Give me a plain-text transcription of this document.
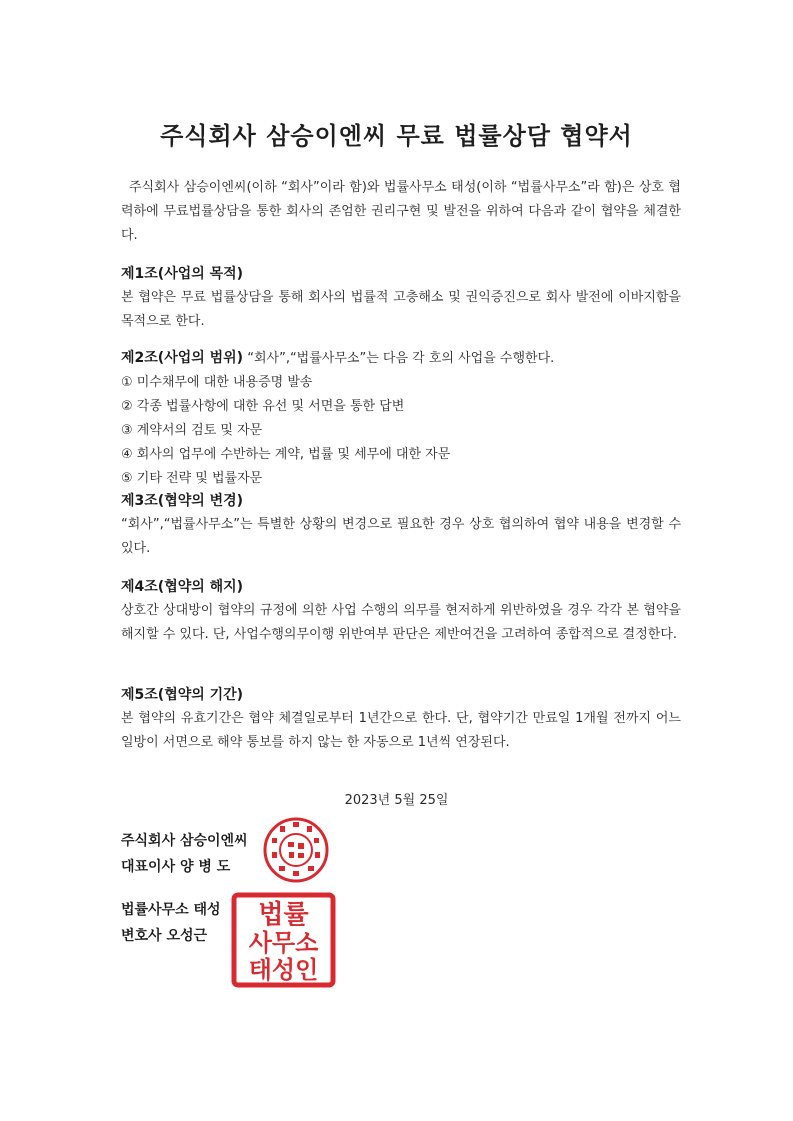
주식회사 삼승이엔씨 무료 법률상담 협약서
주식회사 삼승이엔씨(이하 “회사”이라 함)와 법률사무소 태성(이하 “법률사무소”라 함)은 상호 협력하에 무료법률상담을 통한 회사의 존엄한 권리구현 및 발전을 위하여 다음과 같이 협약을 체결한다.
제1조(사업의 목적)
본 협약은 무료 법률상담을 통해 회사의 법률적 고충해소 및 권익증진으로 회사 발전에 이바지함을 목적으로 한다.
제2조(사업의 범위) “회사”,“법률사무소”는 다음 각 호의 사업을 수행한다.
① 미수채무에 대한 내용증명 발송
② 각종 법률사항에 대한 유선 및 서면을 통한 답변
③ 계약서의 검토 및 자문
④ 회사의 업무에 수반하는 계약, 법률 및 세무에 대한 자문
⑤ 기타 전략 및 법률자문
제3조(협약의 변경)
“회사”,“법률사무소”는 특별한 상황의 변경으로 필요한 경우 상호 협의하여 협약 내용을 변경할 수 있다.
제4조(협약의 해지)
상호간 상대방이 협약의 규정에 의한 사업 수행의 의무를 현저하게 위반하였을 경우 각각 본 협약을 해지할 수 있다. 단, 사업수행의무이행 위반여부 판단은 제반여건을 고려하여 종합적으로 결정한다.
제5조(협약의 기간)
본 협약의 유효기간은 협약 체결일로부터 1년간으로 한다. 단, 협약기간 만료일 1개월 전까지 어느 일방이 서면으로 해약 통보를 하지 않는 한 자동으로 1년씩 연장된다.
2023년 5월 25일
주식회사 삼승이엔씨
대표이사 양 병 도
법률사무소 태성
변호사 오성근
법률
사무소
태성인
